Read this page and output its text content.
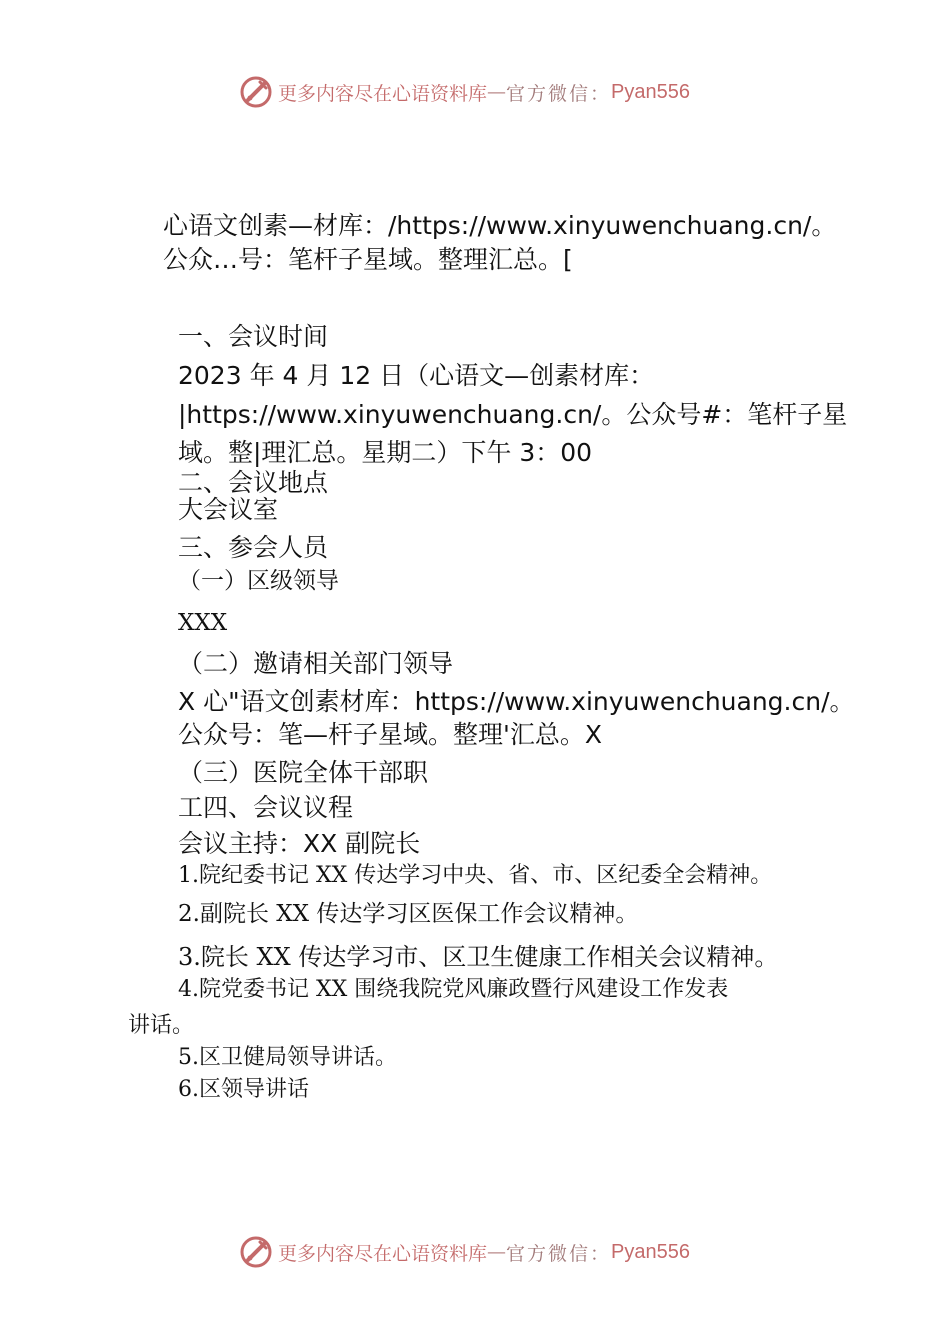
更多内容尽在心语资料库 — 官方微信： Pyan556
心语文创素—材库：/https://www.xinyuwenchuang.cn/。
公众…号：笔杆子星域。整理汇总。[
一、会议时间
2023 年 4 月 12 日（心语文—创素材库：
|https://www.xinyuwenchuang.cn/。公众号#：笔杆子星
域。整|理汇总。星期二）下午 3：00
二、会议地点
大会议室
三、参会人员
（一）区级领导
XXX
（二）邀请相关部门领导
X 心"语文创素材库：https://www.xinyuwenchuang.cn/。
公众号：笔—杆子星域。整理'汇总。X
（三）医院全体干部职
工四、会议议程
会议主持：XX 副院长
1.院纪委书记 XX 传达学习中央、省、市、区纪委全会精神。
2.副院长 XX 传达学习区医保工作会议精神。
3.院长 XX 传达学习市、区卫生健康工作相关会议精神。
4.院党委书记 XX 围绕我院党风廉政暨行风建设工作发表
讲话。
5.区卫健局领导讲话。
6.区领导讲话
更多内容尽在心语资料库 — 官方微信： Pyan556
